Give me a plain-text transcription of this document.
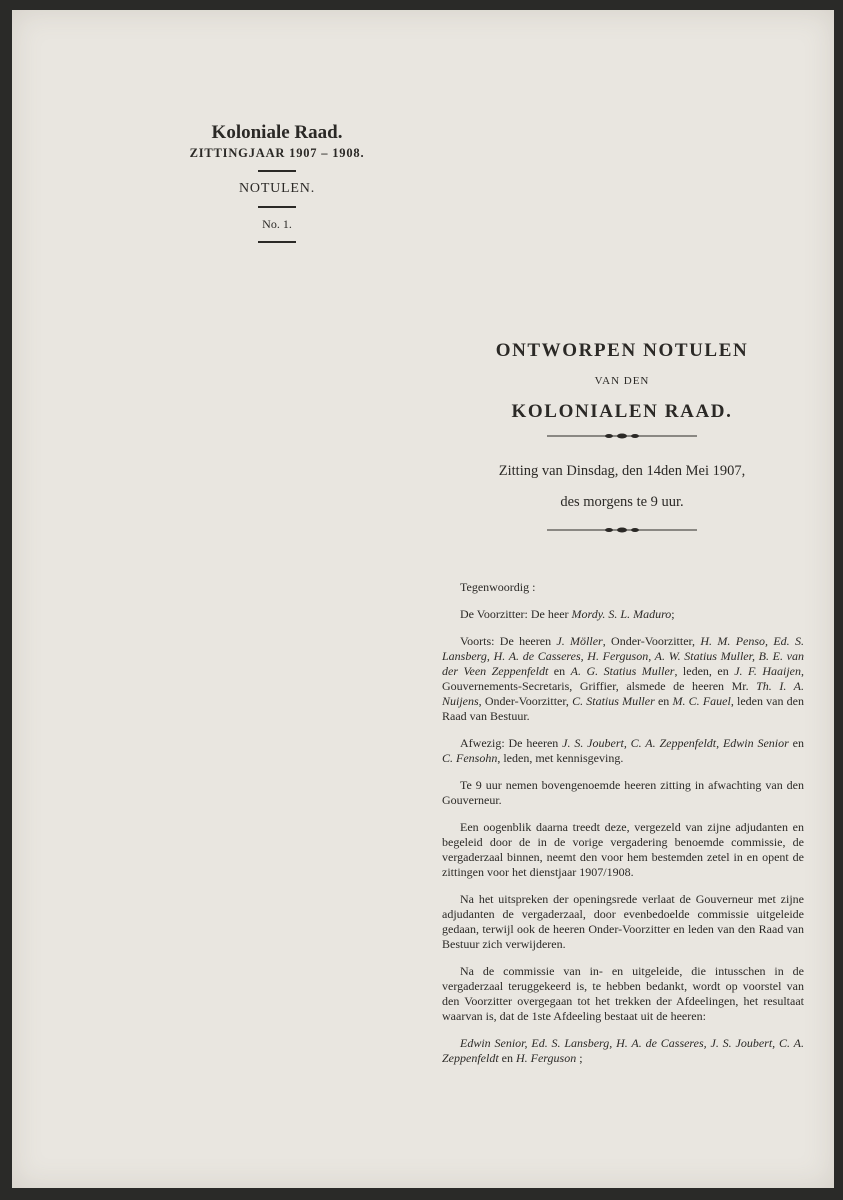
Koloniale Raad.
ZITTINGJAAR 1907 – 1908.
NOTULEN.
No. 1.
ONTWORPEN NOTULEN
VAN DEN
KOLONIALEN RAAD.
Zitting van Dinsdag, den 14den Mei 1907,
des morgens te 9 uur.

Tegenwoordig :

De Voorzitter: De heer Mordy. S. L. Maduro;

Voorts: De heeren J. Möller, Onder-Voorzitter, H. M. Penso, Ed. S. Lansberg, H. A. de Casseres, H. Ferguson, A. W. Statius Muller, B. E. van der Veen Zeppenfeldt en A. G. Statius Muller, leden, en J. F. Haaijen, Gouvernements-Secretaris, Griffier, alsmede de heeren Mr. Th. I. A. Nuijens, Onder-Voorzitter, C. Statius Muller en M. C. Fauel, leden van den Raad van Bestuur.

Afwezig: De heeren J. S. Joubert, C. A. Zeppenfeldt, Edwin Senior en C. Fensohn, leden, met kennisgeving.

Te 9 uur nemen bovengenoemde heeren zitting in afwachting van den Gouverneur.

Een oogenblik daarna treedt deze, vergezeld van zijne adjudanten en begeleid door de in de vorige vergadering benoemde commissie, de vergaderzaal binnen, neemt den voor hem bestemden zetel in en opent de zittingen voor het dienstjaar 1907/1908.

Na het uitspreken der openingsrede verlaat de Gouverneur met zijne adjudanten de vergaderzaal, door evenbedoelde commissie uitgeleide gedaan, terwijl ook de heeren Onder-Voorzitter en leden van den Raad van Bestuur zich verwijderen.

Na de commissie van in- en uitgeleide, die intusschen in de vergaderzaal teruggekeerd is, te hebben bedankt, wordt op voorstel van den Voorzitter overgegaan tot het trekken der Afdeelingen, het resultaat waarvan is, dat de 1ste Afdeeling bestaat uit de heeren:

Edwin Senior, Ed. S. Lansberg, H. A. de Casseres, J. S. Joubert, C. A. Zeppenfeldt en H. Ferguson ;
